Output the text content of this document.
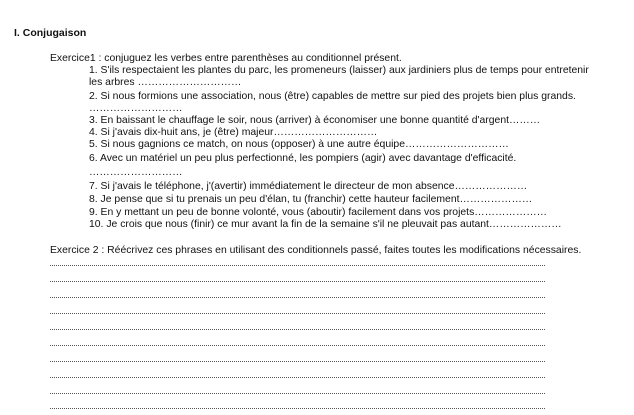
I. Conjugaison
Exercice1 : conjuguez les verbes entre parenthèses au conditionnel présent.
1. S'ils respectaient les plantes du parc, les promeneurs (laisser) aux jardiniers plus de temps pour entretenir
les arbres …………………………
2. Si nous formions une association, nous (être) capables de mettre sur pied des projets bien plus grands.
………………………
3. En baissant le chauffage le soir, nous (arriver) à économiser une bonne quantité d'argent………
4. Si j'avais dix-huit ans, je (être) majeur…………………………
5. Si nous gagnions ce match, on nous (opposer) à une autre équipe…………………………
6. Avec un matériel un peu plus perfectionné, les pompiers (agir) avec davantage d'efficacité.
………………………
7. Si j'avais le téléphone, j'(avertir) immédiatement le directeur de mon absence…………………
8. Je pense que si tu prenais un peu d'élan, tu (franchir) cette hauteur facilement…………………
9. En y mettant un peu de bonne volonté, vous (aboutir) facilement dans vos projets…………………
10. Je crois que nous (finir) ce mur avant la fin de la semaine s'il ne pleuvait pas autant…………………
Exercice 2 : Réécrivez ces phrases en utilisant des conditionnels passé, faites toutes les modifications nécessaires.
